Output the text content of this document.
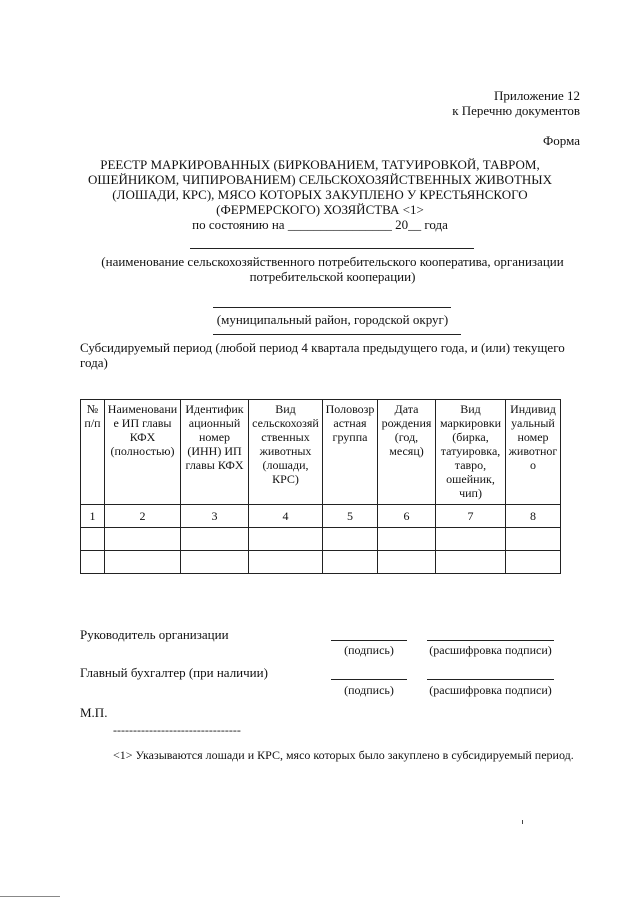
Приложение 12
к Перечню документов
Форма
РЕЕСТР МАРКИРОВАННЫХ (БИРКОВАНИЕМ, ТАТУИРОВКОЙ, ТАВРОМ,
ОШЕЙНИКОМ, ЧИПИРОВАНИЕМ) СЕЛЬСКОХОЗЯЙСТВЕННЫХ ЖИВОТНЫХ
(ЛОШАДИ, КРС), МЯСО КОТОРЫХ ЗАКУПЛЕНО У КРЕСТЬЯНСКОГО
(ФЕРМЕРСКОГО) ХОЗЯЙСТВА <1>
по состоянию на ________________ 20__ года
(наименование сельскохозяйственного потребительского кооператива, организации
потребительской кооперации)
(муниципальный район, городской округ)
Субсидируемый период (любой период 4 квартала предыдущего года, и (или) текущего
года)
№ п/п	Наименовани е ИП главы КФХ (полностью)	Идентифик ационный номер (ИНН) ИП главы КФХ	Вид сельскохозяй ственных животных (лошади, КРС)	Половозр астная группа	Дата рождения (год, месяц)	Вид маркировки (бирка, татуировка, тавро, ошейник, чип)	Индивид уальный номер животног о
1	2	3	4	5	6	7	8

Руководитель организации
(подпись)	(расшифровка подписи)
Главный бухгалтер (при наличии)
(подпись)	(расшифровка подписи)
М.П.
--------------------------------
<1> Указываются лошади и КРС, мясо которых было закуплено в субсидируемый период.
